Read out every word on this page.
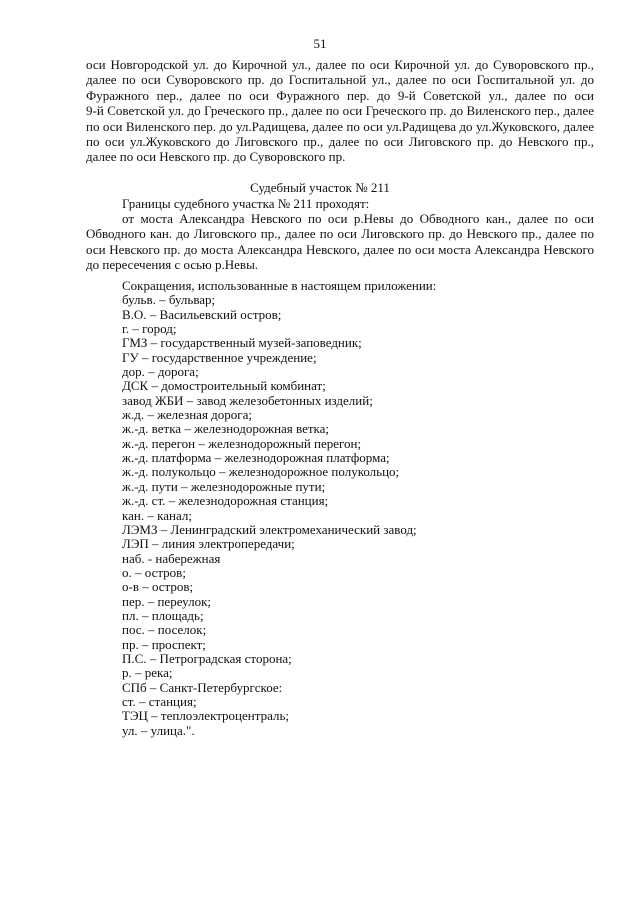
51
оси Новгородской ул. до Кирочной ул., далее по оси Кирочной ул. до Суворовского пр.,
далее по оси Суворовского пр. до Госпитальной ул., далее по оси Госпитальной ул. до
Фуражного пер., далее по оси Фуражного пер. до 9-й Советской ул., далее по оси
9-й Советской ул. до Греческого пр., далее по оси Греческого пр. до Виленского пер., далее
по оси Виленского пер. до ул.Радищева, далее по оси ул.Радищева до ул.Жуковского, далее
по оси ул.Жуковского до Лиговского пр., далее по оси Лиговского пр. до Невского пр.,
далее по оси Невского пр. до Суворовского пр.
Судебный участок № 211
Границы судебного участка № 211 проходят:
от моста Александра Невского по оси р.Невы до Обводного кан., далее по оси
Обводного кан. до Лиговского пр., далее по оси Лиговского пр. до Невского пр., далее по
оси Невского пр. до моста Александра Невского, далее по оси моста Александра Невского
до пересечения с осью р.Невы.
Сокращения, использованные в настоящем приложении:
бульв. – бульвар;
В.О. – Васильевский остров;
г. – город;
ГМЗ – государственный музей-заповедник;
ГУ – государственное учреждение;
дор. – дорога;
ДСК – домостроительный комбинат;
завод ЖБИ – завод железобетонных изделий;
ж.д. – железная дорога;
ж.-д. ветка – железнодорожная ветка;
ж.-д. перегон – железнодорожный перегон;
ж.-д. платформа – железнодорожная платформа;
ж.-д. полукольцо – железнодорожное полукольцо;
ж.-д. пути – железнодорожные пути;
ж.-д. ст. – железнодорожная станция;
кан. – канал;
ЛЭМЗ – Ленинградский электромеханический завод;
ЛЭП – линия электропередачи;
наб. - набережная
о. – остров;
о-в – остров;
пер. – переулок;
пл. – площадь;
пос. – поселок;
пр. – проспект;
П.С. – Петроградская сторона;
р. – река;
СПб – Санкт-Петербургское:
ст. – станция;
ТЭЦ – теплоэлектроцентраль;
ул. – улица.".
